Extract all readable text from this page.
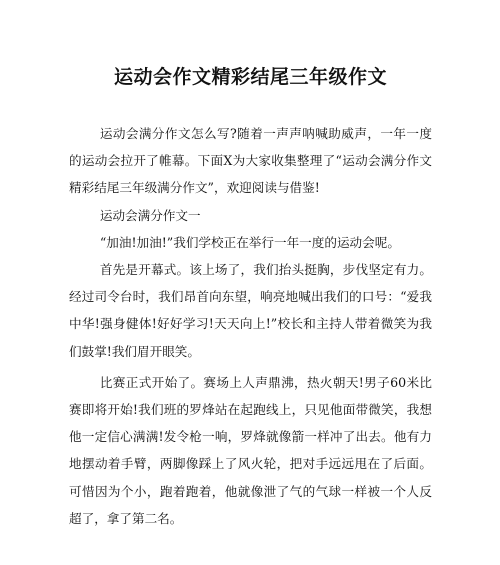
运动会作文精彩结尾三年级作文

运动会满分作文怎么写?随着一声声呐喊助威声，一年一度的运动会拉开了帷幕。下面X为大家收集整理了“运动会满分作文精彩结尾三年级满分作文”，欢迎阅读与借鉴!

运动会满分作文一

“加油!加油!”我们学校正在举行一年一度的运动会呢。

首先是开幕式。该上场了，我们抬头挺胸，步伐坚定有力。经过司令台时，我们昂首向东望，响亮地喊出我们的口号：“爱我中华!强身健体!好好学习!天天向上!”校长和主持人带着微笑为我们鼓掌!我们眉开眼笑。

比赛正式开始了。赛场上人声鼎沸，热火朝天!男子60米比赛即将开始!我们班的罗烽站在起跑线上，只见他面带微笑，我想他一定信心满满!发令枪一响，罗烽就像箭一样冲了出去。他有力地摆动着手臂，两脚像踩上了风火轮，把对手远远甩在了后面。可惜因为个小，跑着跑着，他就像泄了气的气球一样被一个人反超了，拿了第二名。
